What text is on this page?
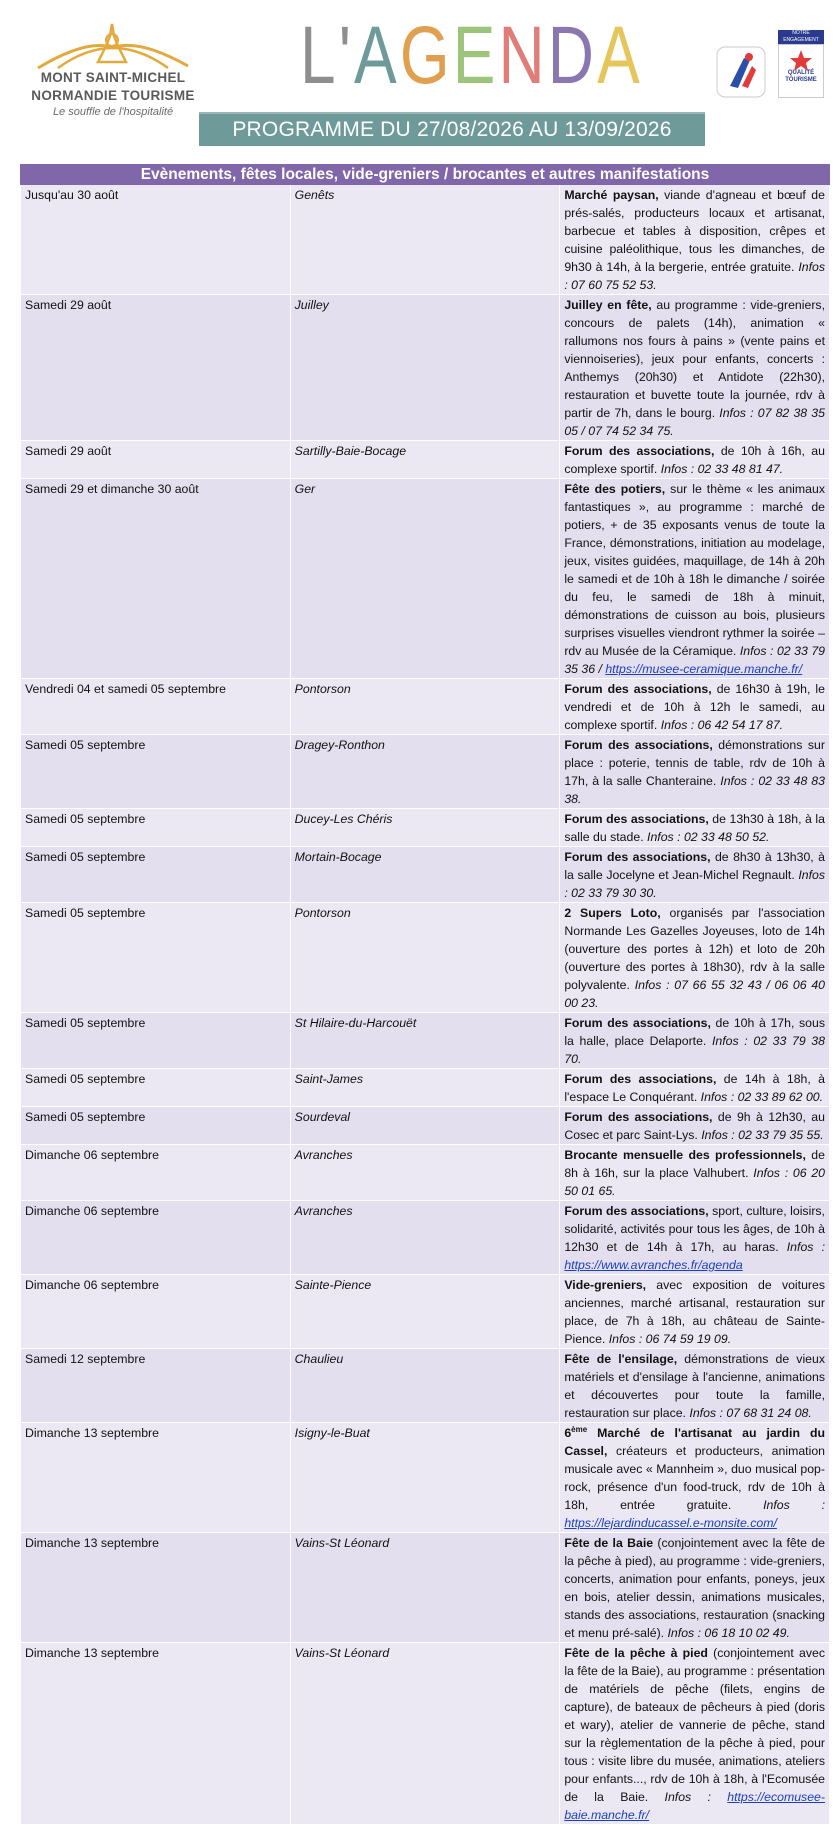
MONT SAINT-MICHEL
NORMANDIE TOURISME
Le souffle de l'hospitalité
L'AGENDA	NOTRE ENGAGEMENT
QUALITÉ TOURISME
PROGRAMME DU 27/08/2026 AU 13/09/2026
Evènements, fêtes locales, vide-greniers / brocantes et autres manifestations		
Jusqu'au 30 août	Genêts	Marché paysan, viande d'agneau et bœuf de prés-salés, producteurs locaux et artisanat, barbecue et tables à disposition, crêpes et cuisine paléolithique, tous les dimanches, de 9h30 à 14h, à la bergerie, entrée gratuite. Infos : 07 60 75 52 53.
Samedi 29 août	Juilley	Juilley en fête, au programme : vide-greniers, concours de palets (14h), animation « rallumons nos fours à pains » (vente pains et viennoiseries), jeux pour enfants, concerts : Anthemys (20h30) et Antidote (22h30), restauration et buvette toute la journée, rdv à partir de 7h, dans le bourg. Infos : 07 82 38 35 05 / 07 74 52 34 75.
Samedi 29 août	Sartilly-Baie-Bocage	Forum des associations, de 10h à 16h, au complexe sportif. Infos : 02 33 48 81 47.
Samedi 29 et dimanche 30 août	Ger	Fête des potiers, sur le thème « les animaux fantastiques », au programme : marché de potiers, + de 35 exposants venus de toute la France, démonstrations, initiation au modelage, jeux, visites guidées, maquillage, de 14h à 20h le samedi et de 10h à 18h le dimanche / soirée du feu, le samedi de 18h à minuit, démonstrations de cuisson au bois, plusieurs surprises visuelles viendront rythmer la soirée – rdv au Musée de la Céramique. Infos : 02 33 79 35 36 / https://musee-ceramique.manche.fr/
Vendredi 04 et samedi 05 septembre	Pontorson	Forum des associations, de 16h30 à 19h, le vendredi et de 10h à 12h le samedi, au complexe sportif. Infos : 06 42 54 17 87.
Samedi 05 septembre	Dragey-Ronthon	Forum des associations, démonstrations sur place : poterie, tennis de table, rdv de 10h à 17h, à la salle Chanteraine. Infos : 02 33 48 83 38.
Samedi 05 septembre	Ducey-Les Chéris	Forum des associations, de 13h30 à 18h, à la salle du stade. Infos : 02 33 48 50 52.
Samedi 05 septembre	Mortain-Bocage	Forum des associations, de 8h30 à 13h30, à la salle Jocelyne et Jean-Michel Regnault. Infos : 02 33 79 30 30.
Samedi 05 septembre	Pontorson	2 Supers Loto, organisés par l'association Normande Les Gazelles Joyeuses, loto de 14h (ouverture des portes à 12h) et loto de 20h (ouverture des portes à 18h30), rdv à la salle polyvalente. Infos : 07 66 55 32 43 / 06 06 40 00 23.
Samedi 05 septembre	St Hilaire-du-Harcouët	Forum des associations, de 10h à 17h, sous la halle, place Delaporte. Infos : 02 33 79 38 70.
Samedi 05 septembre	Saint-James	Forum des associations, de 14h à 18h, à l'espace Le Conquérant. Infos : 02 33 89 62 00.
Samedi 05 septembre	Sourdeval	Forum des associations, de 9h à 12h30, au Cosec et parc Saint-Lys. Infos : 02 33 79 35 55.
Dimanche 06 septembre	Avranches	Brocante mensuelle des professionnels, de 8h à 16h, sur la place Valhubert. Infos : 06 20 50 01 65.
Dimanche 06 septembre	Avranches	Forum des associations, sport, culture, loisirs, solidarité, activités pour tous les âges, de 10h à 12h30 et de 14h à 17h, au haras. Infos : https://www.avranches.fr/agenda
Dimanche 06 septembre	Sainte-Pience	Vide-greniers, avec exposition de voitures anciennes, marché artisanal, restauration sur place, de 7h à 18h, au château de Sainte-Pience. Infos : 06 74 59 19 09.
Samedi 12 septembre	Chaulieu	Fête de l'ensilage, démonstrations de vieux matériels et d'ensilage à l'ancienne, animations et découvertes pour toute la famille, restauration sur place. Infos : 07 68 31 24 08.
Dimanche 13 septembre	Isigny-le-Buat	6ème Marché de l'artisanat au jardin du Cassel, créateurs et producteurs, animation musicale avec « Mannheim », duo musical pop-rock, présence d'un food-truck, rdv de 10h à 18h, entrée gratuite. Infos : https://lejardinducassel.e-monsite.com/
Dimanche 13 septembre	Vains-St Léonard	Fête de la Baie (conjointement avec la fête de la pêche à pied), au programme : vide-greniers, concerts, animation pour enfants, poneys, jeux en bois, atelier dessin, animations musicales, stands des associations, restauration (snacking et menu pré-salé). Infos : 06 18 10 02 49.
Dimanche 13 septembre	Vains-St Léonard	Fête de la pêche à pied (conjointement avec la fête de la Baie), au programme : présentation de matériels de pêche (filets, engins de capture), de bateaux de pêcheurs à pied (doris et wary), atelier de vannerie de pêche, stand sur la règlementation de la pêche à pied, pour tous : visite libre du musée, animations, ateliers pour enfants..., rdv de 10h à 18h, à l'Ecomusée de la Baie. Infos : https://ecomusee-baie.manche.fr/
